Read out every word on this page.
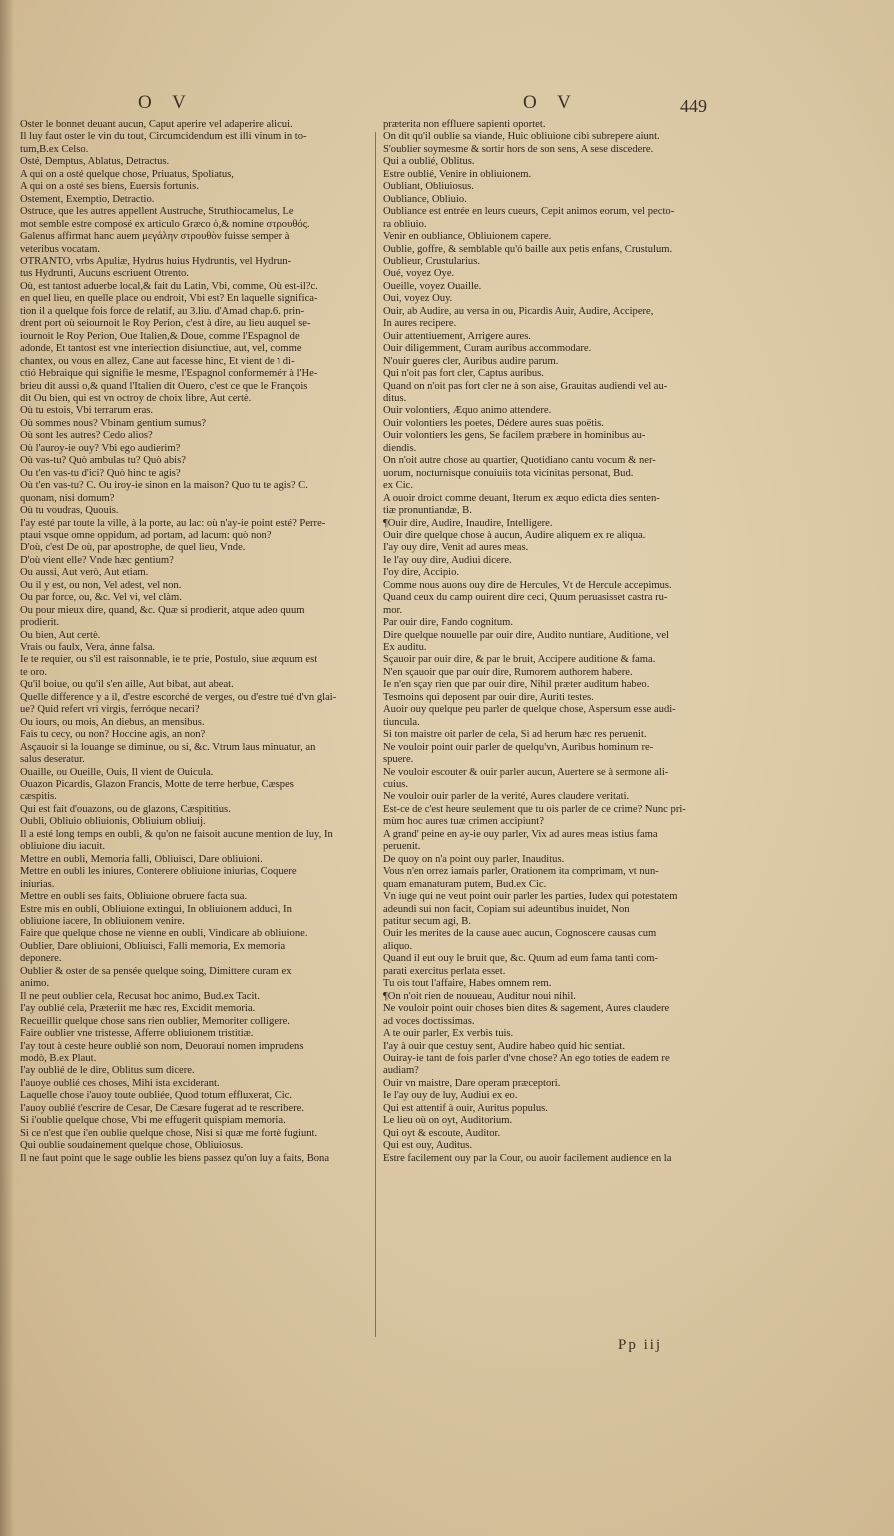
O V	O V	449
Oster le bonnet deuant aucun, Caput aperire vel adaperire alicui.
Il luy faut oster le vin du tout, Circumcidendum est illi vinum in to-
tum,B.ex Celso.
Osté, Demptus, Ablatus, Detractus.
A qui on a osté quelque chose, Priuatus, Spoliatus,
A qui on a osté ses biens, Euersis fortunis.
Ostement, Exemptio, Detractio.
Ostruce, que les autres appellent Austruche, Struthiocamelus, Le
mot semble estre composé ex articulo Græco ὁ,& nomine στρουθός.
Galenus affirmat hanc auem μεγάλην στρουθὸν fuisse semper à
veteribus vocatam.
OTRANTO, vrbs Apuliæ, Hydrus huius Hydruntis, vel Hydrun-
tus Hydrunti, Aucuns escriuent Otrento.
Où, est tantost aduerbe local,& fait du Latin, Vbi, comme, Où est-il?c.
en quel lieu, en quelle place ou endroit, Vbi est? En laquelle significa-
tion il a quelque fois force de relatif, au 3.liu. d'Amad chap.6. prin-
drent port où seiournoit le Roy Perion, c'est à dire, au lieu auquel se-
iournoit le Roy Perion, Oue Italien,& Doue, comme l'Espagnol de
adonde, Et tantost est vne interiection disiunctiue, aut, vel, comme
chantex, ou vous en allez, Cane aut facesse hinc, Et vient de ו di-
ctió Hebraique qui signifie le mesme, l'Espagnol conformeméт à l'He-
brieu dit aussi o,& quand l'Italien dit Ouero, c'est ce que le François
dit Ou bien, qui est vn octroy de choix libre, Aut certè.
Où tu estois, Vbi terrarum eras.
Où sommes nous? Vbinam gentium sumus?
Où sont les autres? Cedo alios?
Où l'auroy-ie ouy? Vbi ego audierim?
Où vas-tu? Quò ambulas tu? Quò abis?
Ou t'en vas-tu d'ici? Quò hinc te agis?
Où t'en vas-tu? C. Ou iroy-ie sinon en la maison? Quo tu te agis? C.
quonam, nisi domum?
Où tu voudras, Quouis.
I'ay esté par toute la ville, à la porte, au lac: où n'ay-ie point esté? Perre-
ptaui vsque omne oppidum, ad portam, ad lacum: quò non?
D'où, c'est De où, par apostrophe, de quel lieu, Vnde.
D'où vient elle? Vnde hæc gentium?
Ou aussi, Aut verò, Aut etiam.
Ou il y est, ou non, Vel adest, vel non.
Ou par force, ou, &c. Vel vi, vel clàm.
Ou pour mieux dire, quand, &c. Quæ si prodierit, atque adeo quum
prodierit.
Ou bien, Aut certè.
Vrais ou faulx, Vera, ánne falsa.
Ie te requier, ou s'il est raisonnable, ie te prie, Postulo, siue æquum est
te oro.
Qu'il boiue, ou qu'il s'en aille, Aut bibat, aut abeat.
Quelle difference y a il, d'estre escorché de verges, ou d'estre tué d'vn glai-
ue? Quid refert vri virgis, ferróque necari?
Ou iours, ou mois, An diebus, an mensibus.
Fais tu cecy, ou non? Hoccine agis, an non?
Asçauoir si la louange se diminue, ou si, &c. Vtrum laus minuatur, an
salus deseratur.
Ouaille, ou Oueille, Ouis, Il vient de Ouicula.
Ouazon Picardis, Glazon Francis, Motte de terre herbue, Cæspes
cæspitis.
Qui est fait d'ouazons, ou de glazons, Cæspititius.
Oubli, Obliuio obliuionis, Obliuium obliuij.
Il a esté long temps en oubli, & qu'on ne faisoit aucune mention de luy, In
obliuione diu iacuit.
Mettre en oubli, Memoria falli, Obliuisci, Dare obliuioni.
Mettre en oubli les iniures, Conterere obliuione iniurias, Coquere
iniurias.
Mettre en oubli ses faits, Obliuione obruere facta sua.
Estre mis en oubli, Obliuione extingui, In obliuionem adduci, In
obliuione iacere, In obliuionem venire.
Faire que quelque chose ne vienne en oubli, Vindicare ab obliuione.
Oublier, Dare obliuioni, Obliuisci, Falli memoria, Ex memoria
deponere.
Oublier & oster de sa pensée quelque soing, Dimittere curam ex
animo.
Il ne peut oublier cela, Recusat hoc animo, Bud.ex Tacit.
I'ay oublié cela, Præteriit me hæc res, Excidit memoria.
Recueillir quelque chose sans rien oublier, Memoriter colligere.
Faire oublier vne tristesse, Afferre obliuionem tristitiæ.
I'ay tout à ceste heure oublié son nom, Deuorauí nomen imprudens
modò, B.ex Plaut.
I'ay oublié de le dire, Oblitus sum dicere.
I'auoye oublié ces choses, Mihi ista exciderant.
Laquelle chose i'auoy toute oubliée, Quod totum effluxerat, Cic.
I'auoy oublié t'escrire de Cesar, De Cæsare fugerat ad te rescribere.
Si i'oublie quelque chose, Vbi me effugerit quispiam memoria.
Si ce n'est que i'en oublie quelque chose, Nisi si quæ me fortè fugiunt.
Qui oublie soudainement quelque chose, Obliuiosus.
Il ne faut point que le sage oublie les biens passez qu'on luy a faits, Bona
præterita non effluere sapienti oportet.
On dit qu'il oublie sa viande, Huic obliuione cibi subrepere aiunt.
S'oublier soymesme & sortir hors de son sens, A sese discedere.
Qui a oublié, Oblitus.
Estre oublié, Venire in obliuionem.
Oubliant, Obliuiosus.
Oubliance, Obliuio.
Oubliance est entrée en leurs cueurs, Cepit animos eorum, vel pecto-
ra obliuio.
Venir en oubliance, Obliuionem capere.
Oublie, goffre, & semblable qu'ó baille aux petis enfans, Crustulum.
Oublieur, Crustularius.
Oué, voyez Oye.
Oueille, voyez Ouaille.
Oui, voyez Ouy.
Ouir, ab Audire, au versa in ou, Picardis Auir, Audire, Accipere,
In aures recipere.
Ouir attentiuement, Arrigere aures.
Ouir diligemment, Curam auribus accommodare.
N'ouir gueres cler, Auribus audire parum.
Qui n'oit pas fort cler, Captus auribus.
Quand on n'oit pas fort cler ne à son aise, Grauitas audiendi vel au-
ditus.
Ouir volontiers, Æquo animo attendere.
Ouir volontiers les poetes, Dédere aures suas poëtis.
Ouir volontiers les gens, Se facilem præbere in hominibus au-
diendis.
On n'oit autre chose au quartier, Quotidiano cantu vocum & ner-
uorum, nocturnisque conuiuiis tota vicinitas personat, Bud.
ex Cic.
A ouoir droict comme deuant, Iterum ex æquo edicta dies senten-
tiæ pronuntiandæ, B.
¶Ouir dire, Audire, Inaudire, Intelligere.
Ouir dire quelque chose à aucun, Audire aliquem ex re aliqua.
I'ay ouy dire, Venit ad aures meas.
Ie l'ay ouy dire, Audiui dicere.
I'oy dire, Accipio.
Comme nous auons ouy dire de Hercules, Vt de Hercule accepimus.
Quand ceux du camp ouirent dire ceci, Quum peruasisset castra ru-
mor.
Par ouir dire, Fando cognitum.
Dire quelque nouuelle par ouir dire, Audito nuntiare, Auditione, vel
Ex auditu.
Sçauoir par ouir dire, & par le bruit, Accipere auditione & fama.
N'en sçauoir que par ouir dire, Rumorem authorem habere.
Ie n'en sçay rien que par ouir dire, Nihil præter auditum habeo.
Tesmoins qui deposent par ouir dire, Auriti testes.
Auoir ouy quelque peu parler de quelque chose, Aspersum esse audi-
tiuncula.
Si ton maistre oit parler de cela, Si ad herum hæc res peruenit.
Ne vouloir point ouir parler de quelqu'vn, Auribus hominum re-
spuere.
Ne vouloir escouter & ouir parler aucun, Auertere se à sermone ali-
cuius.
Ne vouloir ouir parler de la verité, Aures claudere veritati.
Est-ce de c'est heure seulement que tu ois parler de ce crime? Nunc pri-
mùm hoc aures tuæ crimen accipiunt?
A grand' peine en ay-ie ouy parler, Vix ad aures meas istius fama
peruenit.
De quoy on n'a point ouy parler, Inauditus.
Vous n'en orrez iamais parler, Orationem ita comprimam, vt nun-
quam emanaturam putem, Bud.ex Cic.
Vn iuge qui ne veut point ouir parler les parties, Iudex qui potestatem
adeundi sui non facit, Copiam sui adeuntibus inuidet, Non
patitur secum agi, B.
Ouir les merites de la cause auec aucun, Cognoscere causas cum
aliquo.
Quand il eut ouy le bruit que, &c. Quum ad eum fama tanti com-
parati exercitus perlata esset.
Tu ois tout l'affaire, Habes omnem rem.
¶On n'oit rien de nouueau, Auditur noui nihil.
Ne vouloir point ouir choses bien dites & sagement, Aures claudere
ad voces doctissimas.
A te ouir parler, Ex verbis tuis.
I'ay à ouir que cestuy sent, Audire habeo quid hic sentiat.
Ouiray-ie tant de fois parler d'vne chose? An ego toties de eadem re
audiam?
Ouir vn maistre, Dare operam præceptori.
Ie l'ay ouy de luy, Audiui ex eo.
Qui est attentif à ouir, Auritus populus.
Le lieu où on oyt, Auditorium.
Qui oyt & escoute, Auditor.
Qui est ouy, Auditus.
Estre facilement ouy par la Cour, ou auoir facilement audience en la
Pp iij
